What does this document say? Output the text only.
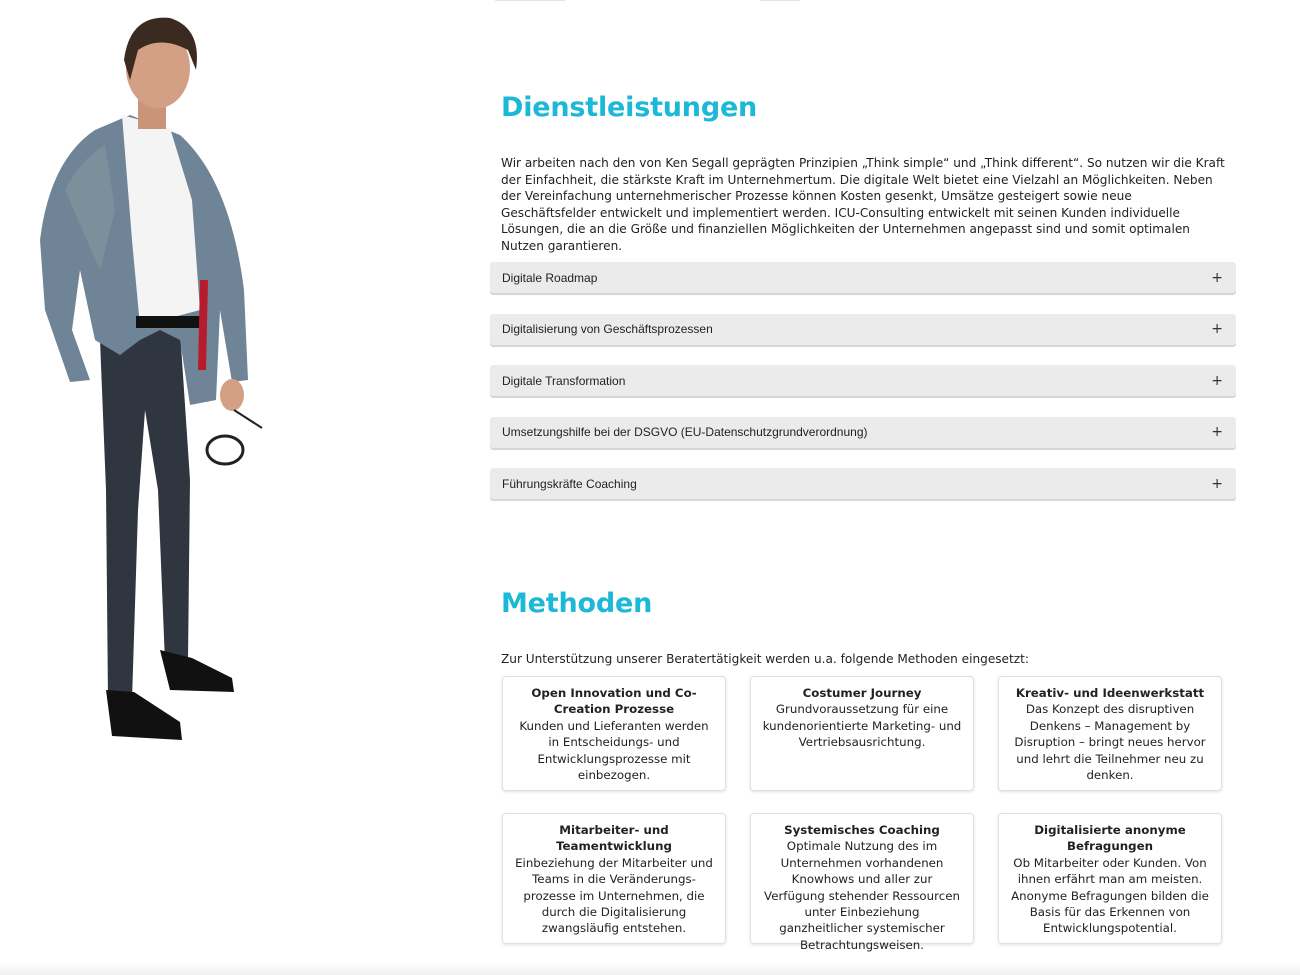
Dienstleistungen

Wir arbeiten nach den von Ken Segall geprägten Prinzipien „Think simple“ und „Think different“. So nutzen wir die Kraft der Einfachheit, die stärkste Kraft im Unternehmertum. Die digitale Welt bietet eine Vielzahl an Möglichkeiten. Neben der Vereinfachung unternehmerischer Prozesse können Kosten gesenkt, Umsätze gesteigert sowie neue Geschäftsfelder entwickelt und implementiert werden. ICU-Consulting entwickelt mit seinen Kunden individuelle Lösungen, die an die Größe und finanziellen Möglichkeiten der Unternehmen angepasst sind und somit optimalen Nutzen garantieren.

Digitale Roadmap	+
Digitalisierung von Geschäftsprozessen	+
Digitale Transformation	+
Umsetzungshilfe bei der DSGVO (EU-Datenschutzgrundverordnung)	+
Führungskräfte Coaching	+
Methoden

Zur Unterstützung unserer Beratertätigkeit werden u.a. folgende Methoden eingesetzt:

Open Innovation und Co-Creation Prozesse
Kunden und Lieferanten werden in Entscheidungs- und Entwicklungsprozesse mit einbezogen.
Costumer Journey
Grundvoraussetzung für eine kundenorientierte Marketing- und Vertriebsausrichtung.
Kreativ- und Ideenwerkstatt
Das Konzept des disruptiven Denkens – Management by Disruption – bringt neues hervor und lehrt die Teilnehmer neu zu denken.
Mitarbeiter- und Teamentwicklung
Einbeziehung der Mitarbeiter und Teams in die Veränderungs-prozesse im Unternehmen, die durch die Digitalisierung zwangsläufig entstehen.
Systemisches Coaching
Optimale Nutzung des im Unternehmen vorhandenen Knowhows und aller zur Verfügung stehender Ressourcen unter Einbeziehung ganzheitlicher systemischer Betrachtungsweisen.
Digitalisierte anonyme Befragungen
Ob Mitarbeiter oder Kunden. Von ihnen erfährt man am meisten. Anonyme Befragungen bilden die Basis für das Erkennen von Entwicklungspotential.
